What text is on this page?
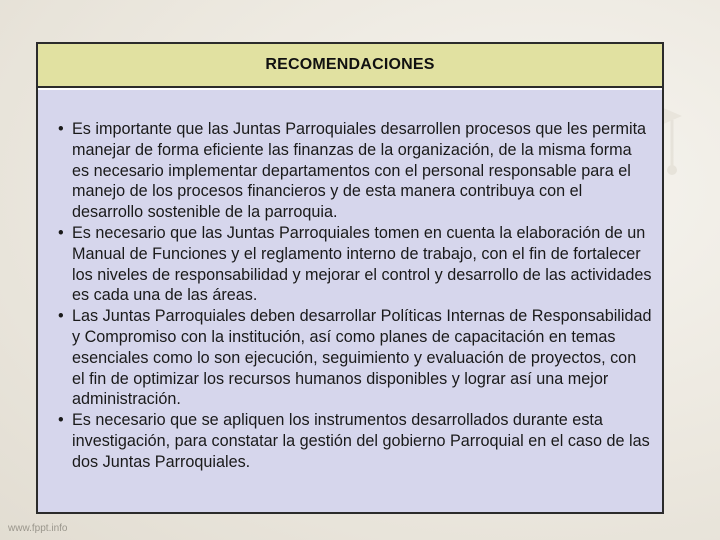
RECOMENDACIONES
• Es importante que las Juntas Parroquiales desarrollen procesos que les permita manejar de forma eficiente las finanzas de la organización, de la misma forma es necesario implementar departamentos con el personal responsable para el manejo de los procesos financieros y de esta manera contribuya con el desarrollo sostenible de la parroquia.
• Es necesario que las Juntas Parroquiales tomen en cuenta la elaboración de un Manual de Funciones y el reglamento interno de trabajo, con el fin de fortalecer los niveles de responsabilidad y mejorar el control y desarrollo de las actividades es cada una de las áreas.
• Las Juntas Parroquiales deben desarrollar Políticas Internas de Responsabilidad y Compromiso con la institución, así como planes de capacitación en temas esenciales como lo son ejecución, seguimiento y evaluación de proyectos, con el fin de optimizar los recursos humanos disponibles y lograr así una mejor administración.
• Es necesario que se apliquen los instrumentos desarrollados durante esta investigación, para constatar la gestión del gobierno Parroquial en el caso de las dos Juntas Parroquiales.
www.fppt.info
